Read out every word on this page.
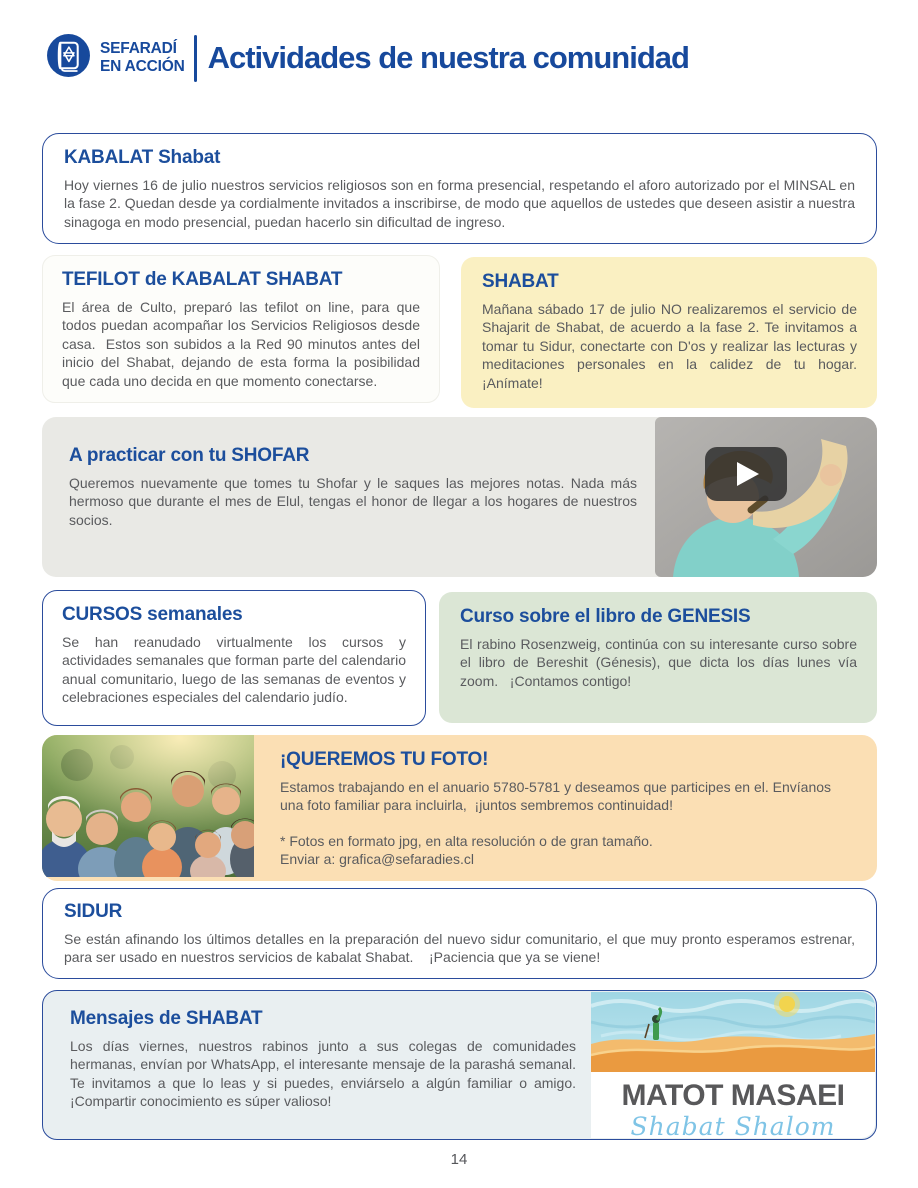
SEFARADÍ
EN ACCIÓN Actividades de nuestra comunidad
KABALAT Shabat

Hoy viernes 16 de julio nuestros servicios religiosos son en forma presencial, respetando el aforo autorizado por el MINSAL en la fase 2. Quedan desde ya cordialmente invitados a inscribirse, de modo que aquellos de ustedes que deseen asistir a nuestra sinagoga en modo presencial, puedan hacerlo sin dificultad de ingreso.

TEFILOT de KABALAT SHABAT

El área de Culto, preparó las tefilot on line, para que todos puedan acompañar los Servicios Religiosos desde casa.  Estos son subidos a la Red 90 minutos antes del inicio del Shabat, dejando de esta forma la posibilidad que cada uno decida en que momento conectarse.

SHABAT

Mañana sábado 17 de julio NO realizaremos el servicio de Shajarit de Shabat, de acuerdo a la fase 2. Te invitamos a tomar tu Sidur, conectarte con D'os y realizar las lecturas y meditaciones personales en la calidez de tu hogar.  ¡Anímate!

A practicar con tu SHOFAR

Queremos nuevamente que tomes tu Shofar y le saques las mejores notas. Nada más hermoso que durante el mes de Elul, tengas el honor de llegar a los hogares de nuestros socios.

CURSOS semanales

Se han reanudado virtualmente los cursos y actividades semanales que forman parte del calendario anual comunitario, luego de las semanas de eventos y celebraciones especiales del calendario judío.

Curso sobre el libro de GENESIS

El rabino Rosenzweig, continúa con su interesante curso sobre el libro de Bereshit (Génesis), que dicta los días lunes vía zoom.   ¡Contamos contigo!

¡QUEREMOS TU FOTO!

Estamos trabajando en el anuario 5780-5781 y deseamos que participes en el. Envíanos una foto familiar para incluirla,  ¡juntos sembremos continuidad!

* Fotos en formato jpg, en alta resolución o de gran tamaño.

Enviar a: grafica@sefaradies.cl

SIDUR

Se están afinando los últimos detalles en la preparación del nuevo sidur comunitario, el que muy pronto esperamos estrenar, para ser usado en nuestros servicios de kabalat Shabat.    ¡Paciencia que ya se viene!

Mensajes de SHABAT

Los días viernes, nuestros rabinos junto a sus colegas de comunidades hermanas, envían por WhatsApp, el interesante mensaje de la parashá semanal.  Te invitamos a que lo leas y si puedes, enviárselo a algún familiar o amigo. ¡Compartir conocimiento es súper valioso!	MATOT MASAEI
Shabat Shalom
14
